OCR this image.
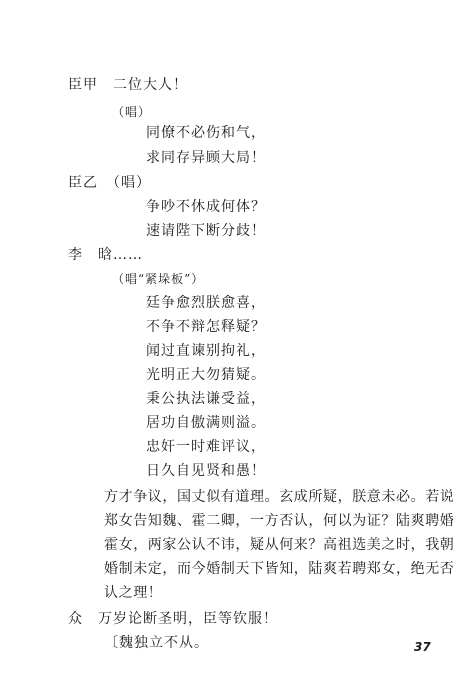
臣甲　二位大人！
（唱）
同僚不必伤和气，
求同存异顾大局！
臣乙　（唱）
争吵不休成何体？
速请陛下断分歧！
李　晗……
（唱“紧垛板”）
廷争愈烈朕愈喜，
不争不辩怎释疑？
闻过直谏别拘礼，
光明正大勿猜疑。
秉公执法谦受益，
居功自傲满则溢。
忠奸一时难评议，
日久自见贤和愚！
方才争议，国丈似有道理。玄成所疑，朕意未必。若说
郑女告知魏、霍二卿，一方否认，何以为证？陆爽聘婚
霍女，两家公认不讳，疑从何来？高祖选美之时，我朝
婚制未定，而今婚制天下皆知，陆爽若聘郑女，绝无否
认之理！
众　万岁论断圣明，臣等钦服！
〔魏独立不从。	37
